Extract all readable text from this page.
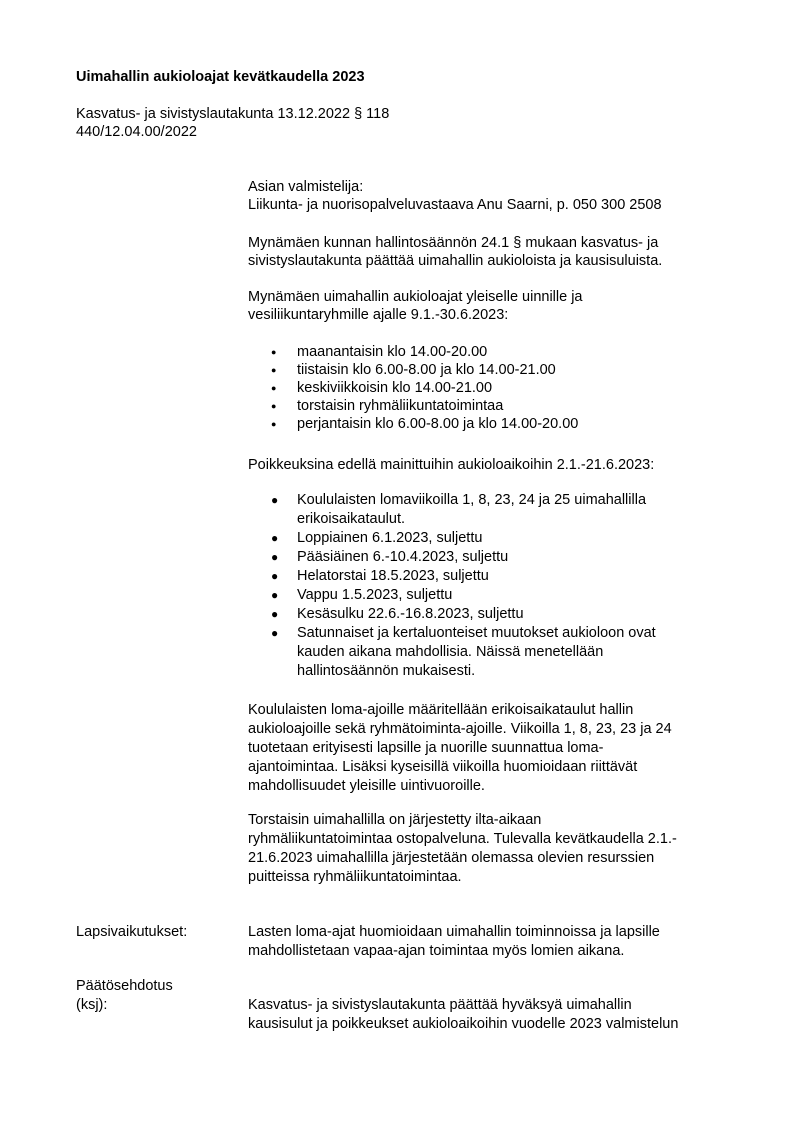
Uimahallin aukioloajat kevätkaudella 2023
Kasvatus- ja sivistyslautakunta 13.12.2022 § 118
440/12.04.00/2022
Asian valmistelija:
Liikunta- ja nuorisopalveluvastaava Anu Saarni, p. 050 300 2508
Mynämäen kunnan hallintosäännön 24.1 § mukaan kasvatus- ja
sivistyslautakunta päättää uimahallin aukioloista ja kausisuluista.
Mynämäen uimahallin aukioloajat yleiselle uinnille ja
vesiliikuntaryhmille ajalle 9.1.-30.6.2023:
● maanantaisin klo 14.00-20.00
● tiistaisin klo 6.00-8.00 ja klo 14.00-21.00
● keskiviikkoisin klo 14.00-21.00
● torstaisin ryhmäliikuntatoimintaa
● perjantaisin klo 6.00-8.00 ja klo 14.00-20.00
Poikkeuksina edellä mainittuihin aukioloaikoihin 2.1.-21.6.2023:
● Koululaisten lomaviikoilla 1, 8, 23, 24 ja 25 uimahallilla
erikoisaikataulut.
● Loppiainen 6.1.2023, suljettu
● Pääsiäinen 6.-10.4.2023, suljettu
● Helatorstai 18.5.2023, suljettu
● Vappu 1.5.2023, suljettu
● Kesäsulku 22.6.-16.8.2023, suljettu
● Satunnaiset ja kertaluonteiset muutokset aukioloon ovat
kauden aikana mahdollisia. Näissä menetellään
hallintosäännön mukaisesti.
Koululaisten loma-ajoille määritellään erikoisaikataulut hallin
aukioloajoille sekä ryhmätoiminta-ajoille. Viikoilla 1, 8, 23, 23 ja 24
tuotetaan erityisesti lapsille ja nuorille suunnattua loma-
ajantoimintaa. Lisäksi kyseisillä viikoilla huomioidaan riittävät
mahdollisuudet yleisille uintivuoroille.
Torstaisin uimahallilla on järjestetty ilta-aikaan
ryhmäliikuntatoimintaa ostopalveluna. Tulevalla kevätkaudella 2.1.-
21.6.2023 uimahallilla järjestetään olemassa olevien resurssien
puitteissa ryhmäliikuntatoimintaa.
Lapsivaikutukset:	Lasten loma-ajat huomioidaan uimahallin toiminnoissa ja lapsille
mahdollistetaan vapaa-ajan toimintaa myös lomien aikana.
Päätösehdotus
(ksj):	Kasvatus- ja sivistyslautakunta päättää hyväksyä uimahallin
kausisulut ja poikkeukset aukioloaikoihin vuodelle 2023 valmistelun
